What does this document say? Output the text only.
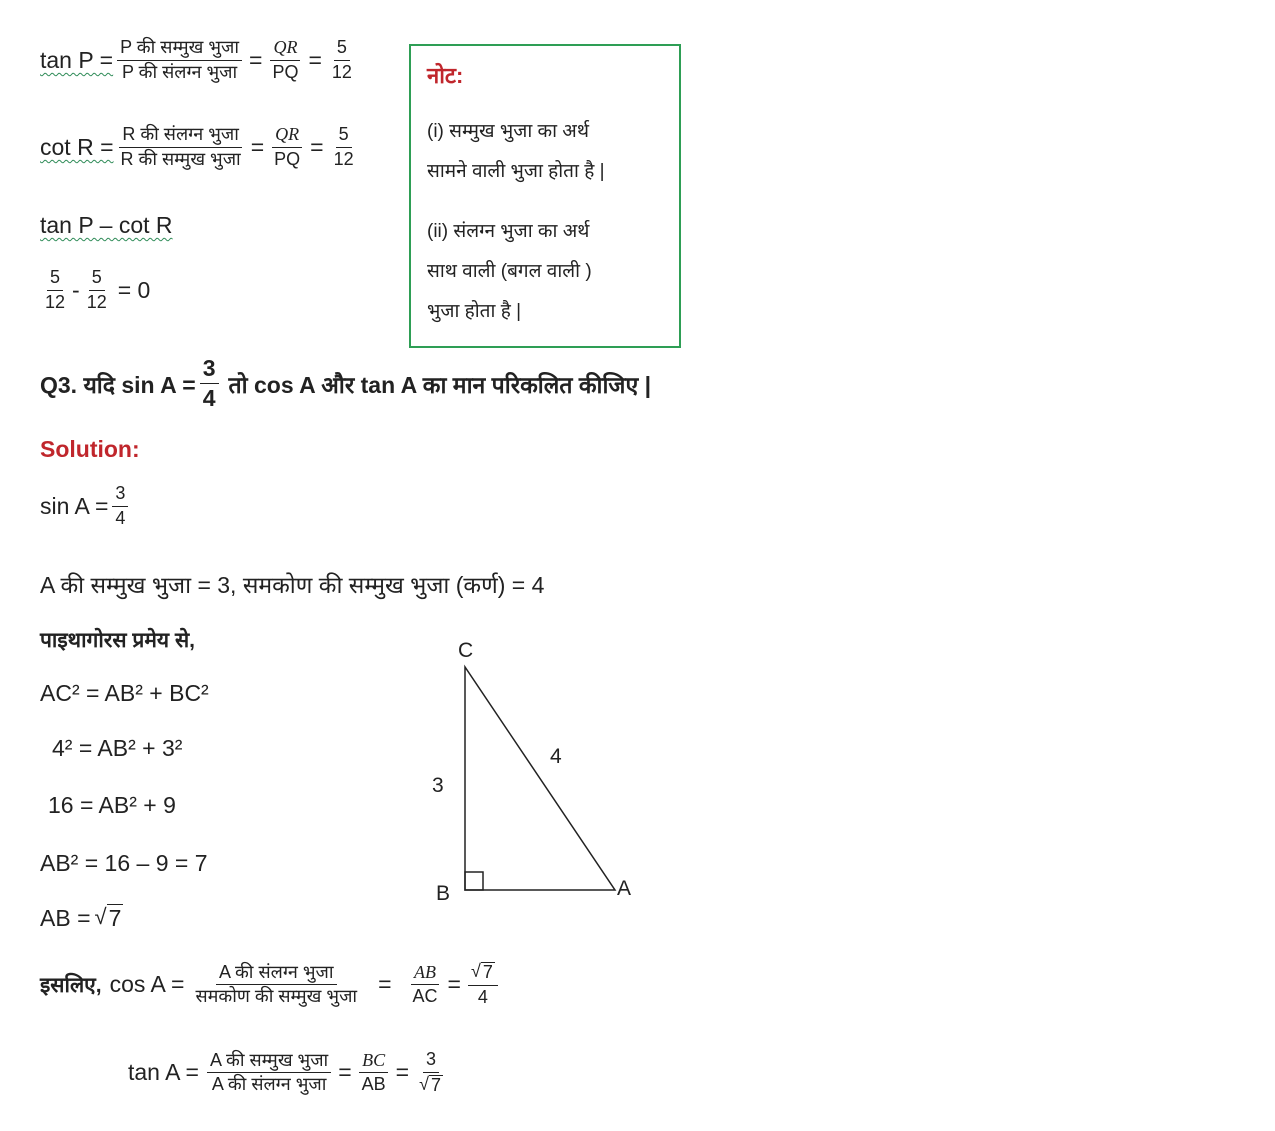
$\tan P = \frac{\text{P की सम्मुख भुजा}}{\text{P की संलग्न भुजा}} = \frac{QR}{PQ} = \frac{5}{12}$
$\cot R = \frac{\text{R की संलग्न भुजा}}{\text{R की सम्मुख भुजा}} = \frac{QR}{PQ} = \frac{5}{12}$
tan P – cot R
$\frac{5}{12} - \frac{5}{12} = 0$
नोट:
(i) सम्मुख भुजा का अर्थ
सामने वाली भुजा होता है |
(ii) संलग्न भुजा का अर्थ
साथ वाली (बगल वाली )
भुजा होता है |
Q3. यदि $\sin A = \frac{3}{4}$ तो cos A और tan A का मान परिकलित कीजिए |
Solution:
$\sin A = \frac{3}{4}$
A की सम्मुख भुजा = 3, समकोण की सम्मुख भुजा (कर्ण) = 4
पाइथागोरस प्रमेय से,
AC² = AB² + BC²
4² = AB² + 3²
16 = AB² + 9
AB² = 16 – 9 = 7
AB = √ 7
C
B	A
3
4
इसलिए, $\cos A = \frac{\text{A की संलग्न भुजा}}{\text{समकोण की सम्मुख भुजा}} = \frac{AB}{AC} = \frac{√ 7}{4}$
$\tan A = \frac{\text{A की सम्मुख भुजा}}{\text{A की संलग्न भुजा}} = \frac{BC}{AB} = \frac{3}{√ 7}$
